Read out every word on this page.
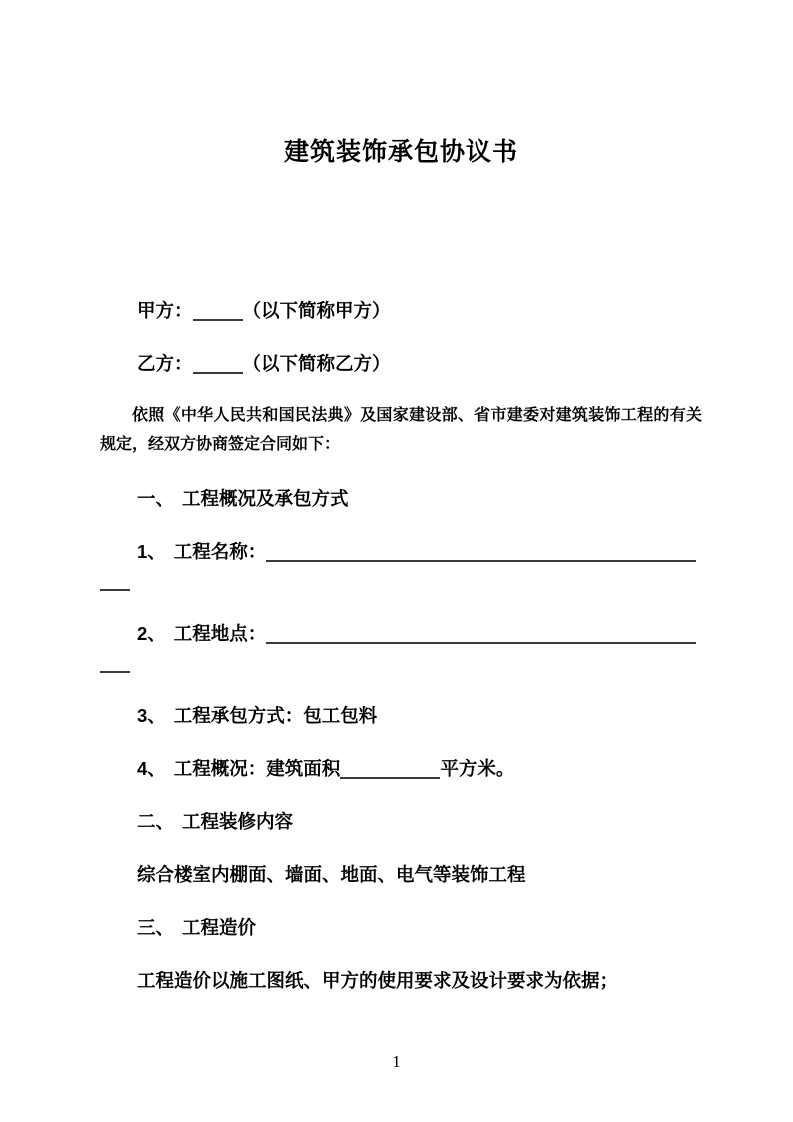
建筑装饰承包协议书
甲方：	（以下简称甲方）
乙方：	（以下简称乙方）
依照《中华人民共和国民法典》及国家建设部、省市建委对建筑装饰工程的有关规定，经双方协商签定合同如下：
一、 工程概况及承包方式
1、 工程名称：
2、 工程地点：
3、 工程承包方式：包工包料
4、 工程概况：建筑面积	平方米。
二、 工程装修内容
综合楼室内棚面、墙面、地面、电气等装饰工程
三、 工程造价
工程造价以施工图纸、甲方的使用要求及设计要求为依据；
1
